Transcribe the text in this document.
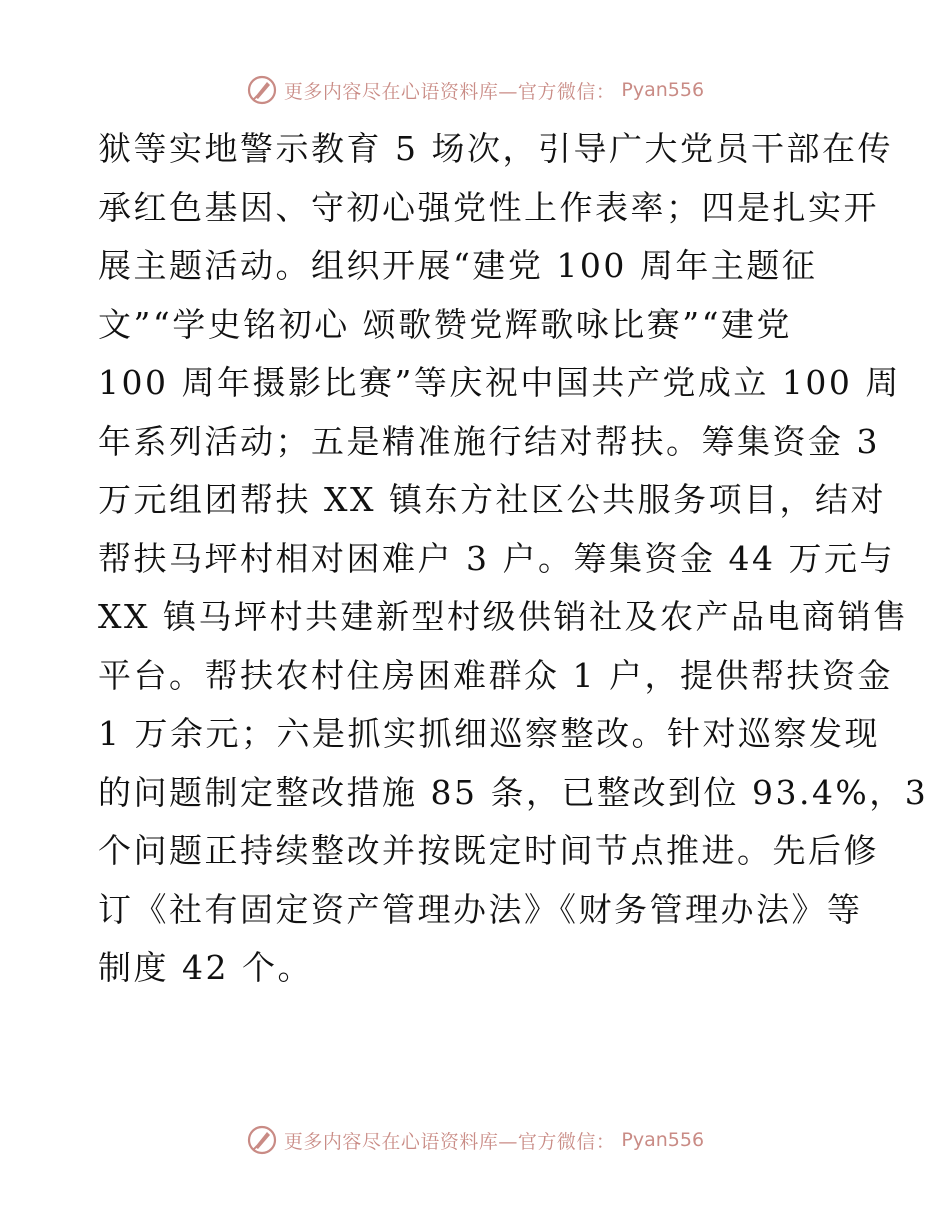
更多内容尽在心语资料库—官方微信： Pyan556
狱等实地警示教育 5 场次，引导广大党员干部在传
承红色基因、守初心强党性上作表率；四是扎实开
展主题活动。组织开展“建党 100 周年主题征
文”“学史铭初心 颂歌赞党辉歌咏比赛”“建党
100 周年摄影比赛”等庆祝中国共产党成立 100 周
年系列活动；五是精准施行结对帮扶。筹集资金 3
万元组团帮扶 XX 镇东方社区公共服务项目，结对
帮扶马坪村相对困难户 3 户。筹集资金 44 万元与
XX 镇马坪村共建新型村级供销社及农产品电商销售
平台。帮扶农村住房困难群众 1 户，提供帮扶资金
1 万余元；六是抓实抓细巡察整改。针对巡察发现
的问题制定整改措施 85 条，已整改到位 93.4%，3
个问题正持续整改并按既定时间节点推进。先后修
订《社有固定资产管理办法》《财务管理办法》等
制度 42 个。
更多内容尽在心语资料库—官方微信： Pyan556
